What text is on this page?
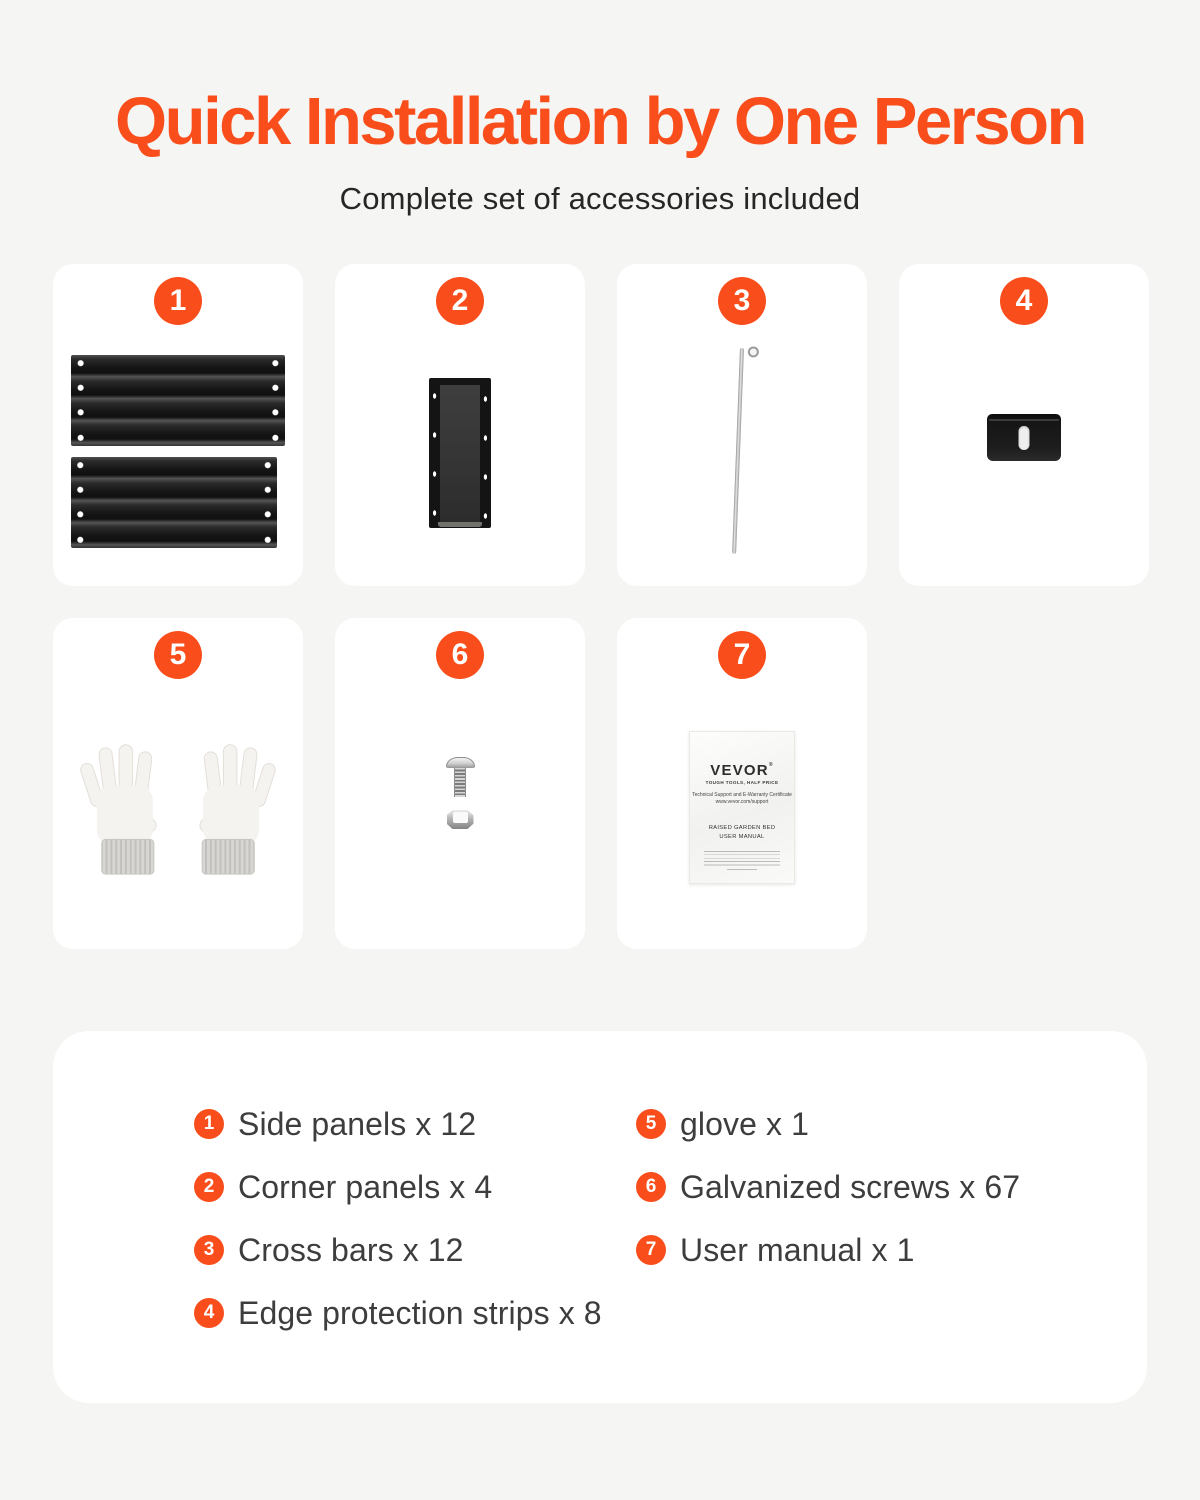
Quick Installation by One Person

Complete set of accessories included

1	2	3	4
5	6	7
VEVOR®
TOUGH TOOLS, HALF PRICE
Technical Support and E-Warranty Certificate
www.vevor.com/support
RAISED GARDEN BED
USER MANUAL
1 Side panels x 12
2 Corner panels x 4
3 Cross bars x 12
4 Edge protection strips x 8
5 glove x 1
6 Galvanized screws x 67
7 User manual x 1
